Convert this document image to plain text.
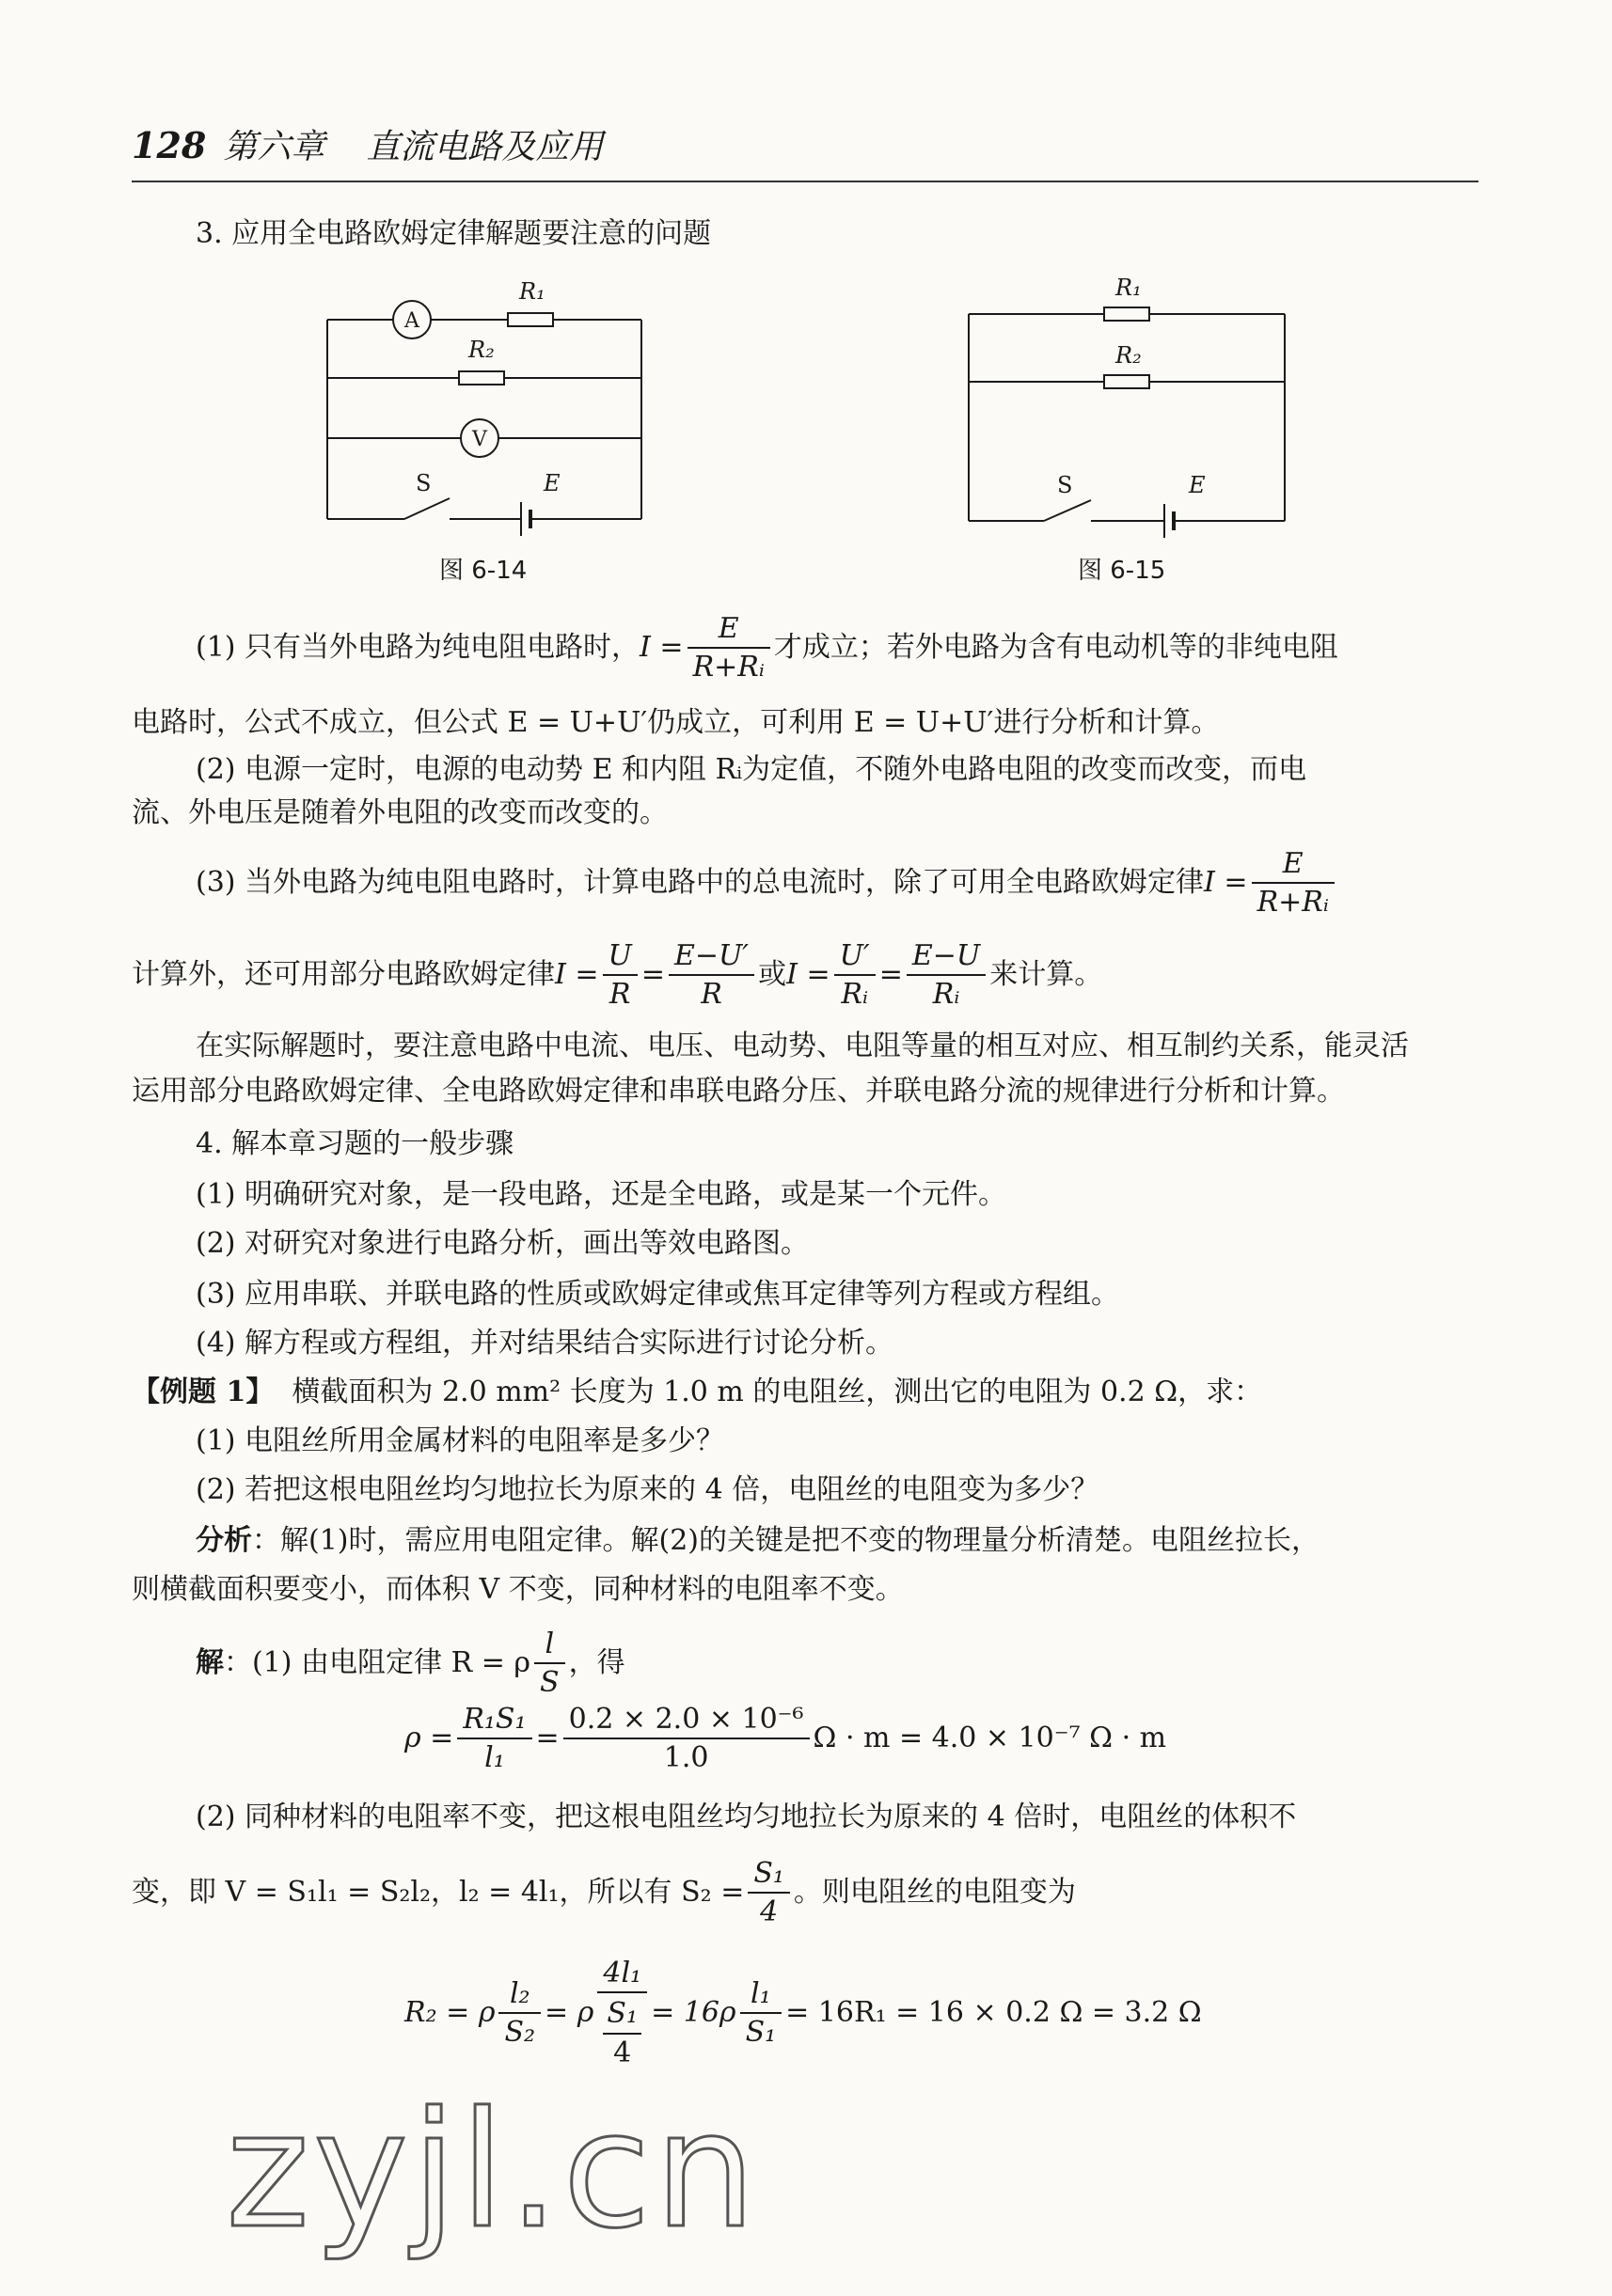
128 第六章 直流电路及应用
3. 应用全电路欧姆定律解题要注意的问题
A
V
R₁
R₂
S	E
图 6-14
R₁
R₂
S	E
图 6-15
(1) 只有当外电路为纯电阻电路时，$I = \frac{E}{\text{R+Rᵢ}}$ 才成立；若外电路为含有电动机等的非纯电阻
电路时，公式不成立，但公式 E = U+U′仍成立，可利用 E = U+U′进行分析和计算。
(2) 电源一定时，电源的电动势 E 和内阻 Rᵢ为定值，不随外电路电阻的改变而改变，而电
流、外电压是随着外电阻的改变而改变的。
(3) 当外电路为纯电阻电路时，计算电路中的总电流时，除了可用全电路欧姆定律$I = \frac{E}{\text{R+Rᵢ}}$
计算外，还可用部分电路欧姆定律$I = \frac{U}{R} = \frac{E-U'}{R}$ 或$I = \frac{U'}{\text{Rᵢ}} = \frac{E-U}{\text{Rᵢ}}$ 来计算。
在实际解题时，要注意电路中电流、电压、电动势、电阻等量的相互对应、相互制约关系，能灵活
运用部分电路欧姆定律、全电路欧姆定律和串联电路分压、并联电路分流的规律进行分析和计算。
4. 解本章习题的一般步骤
(1) 明确研究对象，是一段电路，还是全电路，或是某一个元件。
(2) 对研究对象进行电路分析，画出等效电路图。
(3) 应用串联、并联电路的性质或欧姆定律或焦耳定律等列方程或方程组。
(4) 解方程或方程组，并对结果结合实际进行讨论分析。
【例题 1】 横截面积为 2.0 mm² 长度为 1.0 m 的电阻丝，测出它的电阻为 0.2 Ω，求：
(1) 电阻丝所用金属材料的电阻率是多少？
(2) 若把这根电阻丝均匀地拉长为原来的 4 倍，电阻丝的电阻变为多少？
分析：解(1)时，需应用电阻定律。解(2)的关键是把不变的物理量分析清楚。电阻丝拉长，
则横截面积要变小，而体积 V 不变，同种材料的电阻率不变。
解：(1) 由电阻定律 R = ρ $\frac{l}{S}$ ，得
$\rho = \frac{\text{R₁S₁}}{\text{l₁}} = \frac{\text{0.2 × 2.0 × 10⁻⁶}}{1.0}$ Ω · m = 4.0 × 10⁻⁷ Ω · m
(2) 同种材料的电阻率不变，把这根电阻丝均匀地拉长为原来的 4 倍时，电阻丝的体积不
变，即 V = S₁l₁ = S₂l₂，l₂ = 4l₁，所以有 $S_2 = \frac{\text{S₁}}{4}$ 。则电阻丝的电阻变为
R₂ = ρ $\frac{\text{l₂}}{\text{S₂}} = \rho$ 4l₁
S₁
$4 = 16\rho \frac{\text{l₁}}{\text{S₁}} = 16R_1 = 16 \times 0.2$ Ω = 3.2 Ω
zyjl.cn
